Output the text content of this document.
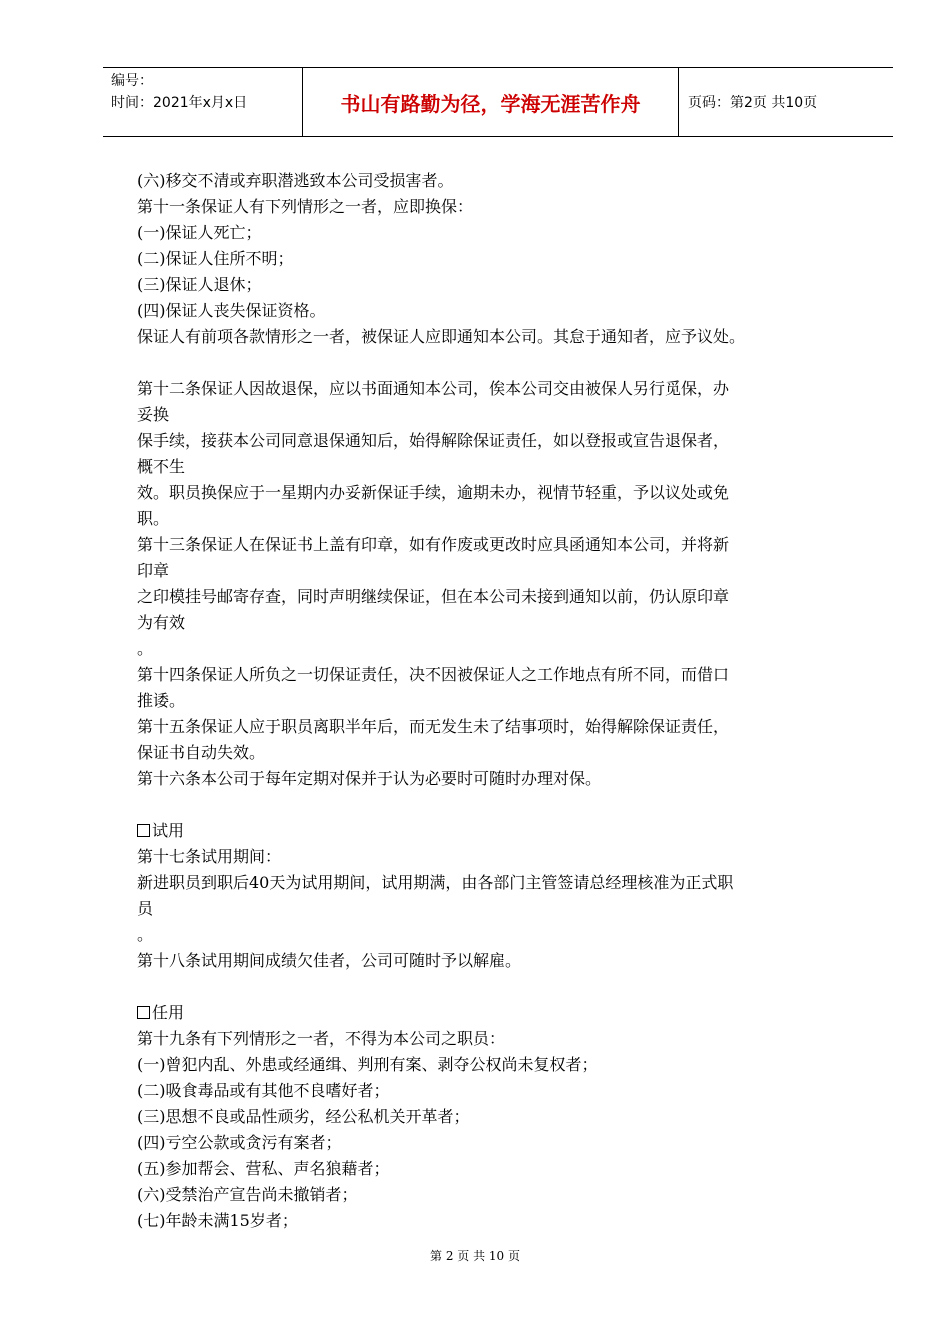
编号：
时间：2021年x月x日	书山有路勤为径，学海无涯苦作舟	页码：第2页 共10页
(六)移交不清或弃职潜逃致本公司受损害者。
第十一条保证人有下列情形之一者，应即换保：
(一)保证人死亡；
(二)保证人住所不明；
(三)保证人退休；
(四)保证人丧失保证资格。
保证人有前项各款情形之一者，被保证人应即通知本公司。其怠于通知者，应予议处。
第十二条保证人因故退保，应以书面通知本公司，俟本公司交由被保人另行觅保，办
妥换
保手续，接获本公司同意退保通知后，始得解除保证责任，如以登报或宣告退保者，
概不生
效。职员换保应于一星期内办妥新保证手续，逾期未办，视情节轻重，予以议处或免
职。
第十三条保证人在保证书上盖有印章，如有作废或更改时应具函通知本公司，并将新
印章
之印模挂号邮寄存查，同时声明继续保证，但在本公司未接到通知以前，仍认原印章
为有效
。
第十四条保证人所负之一切保证责任，决不因被保证人之工作地点有所不同，而借口
推诿。
第十五条保证人应于职员离职半年后，而无发生未了结事项时，始得解除保证责任，
保证书自动失效。
第十六条本公司于每年定期对保并于认为必要时可随时办理对保。
试用
第十七条试用期间：
新进职员到职后40天为试用期间，试用期满，由各部门主管签请总经理核准为正式职
员
。
第十八条试用期间成绩欠佳者，公司可随时予以解雇。
任用
第十九条有下列情形之一者，不得为本公司之职员：
(一)曾犯内乱、外患或经通缉、判刑有案、剥夺公权尚未复权者；
(二)吸食毒品或有其他不良嗜好者；
(三)思想不良或品性顽劣，经公私机关开革者；
(四)亏空公款或贪污有案者；
(五)参加帮会、营私、声名狼藉者；
(六)受禁治产宣告尚未撤销者；
(七)年龄未满15岁者；
第 2 页 共 10 页
